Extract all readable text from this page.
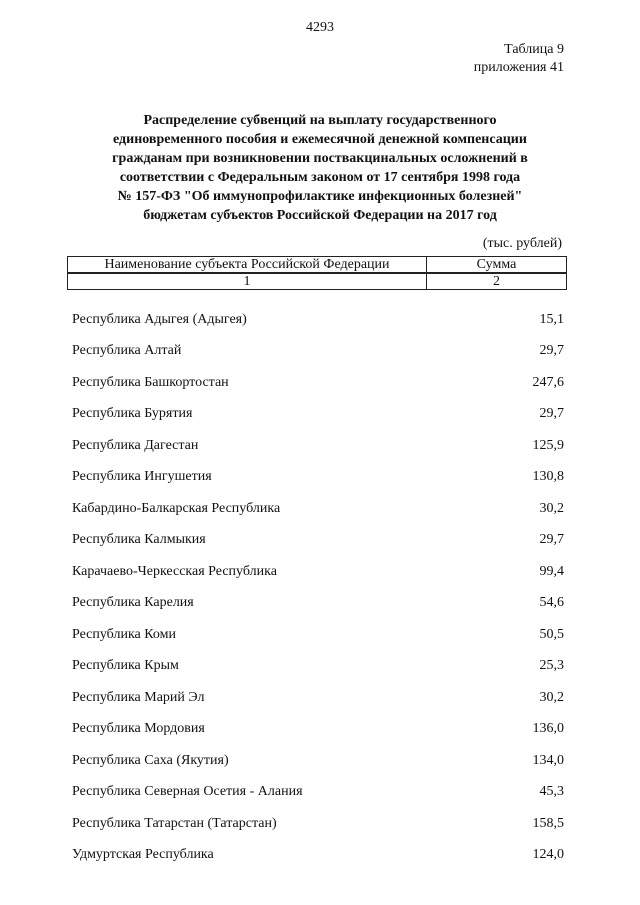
4293
Таблица 9
приложения 41
Распределение субвенций на выплату государственного
единовременного пособия и ежемесячной денежной компенсации
гражданам при возникновении поствакцинальных осложнений в
соответствии с Федеральным законом от 17 сентября 1998 года
№ 157-ФЗ "Об иммунопрофилактике инфекционных болезней"
бюджетам субъектов Российской Федерации на 2017 год
(тыс. рублей)
Наименование субъекта Российской Федерации	Сумма
1	2
Республика Адыгея (Адыгея)	15,1
Республика Алтай	29,7
Республика Башкортостан	247,6
Республика Бурятия	29,7
Республика Дагестан	125,9
Республика Ингушетия	130,8
Кабардино-Балкарская Республика	30,2
Республика Калмыкия	29,7
Карачаево-Черкесская Республика	99,4
Республика Карелия	54,6
Республика Коми	50,5
Республика Крым	25,3
Республика Марий Эл	30,2
Республика Мордовия	136,0
Республика Саха (Якутия)	134,0
Республика Северная Осетия - Алания	45,3
Республика Татарстан (Татарстан)	158,5
Удмуртская Республика	124,0
